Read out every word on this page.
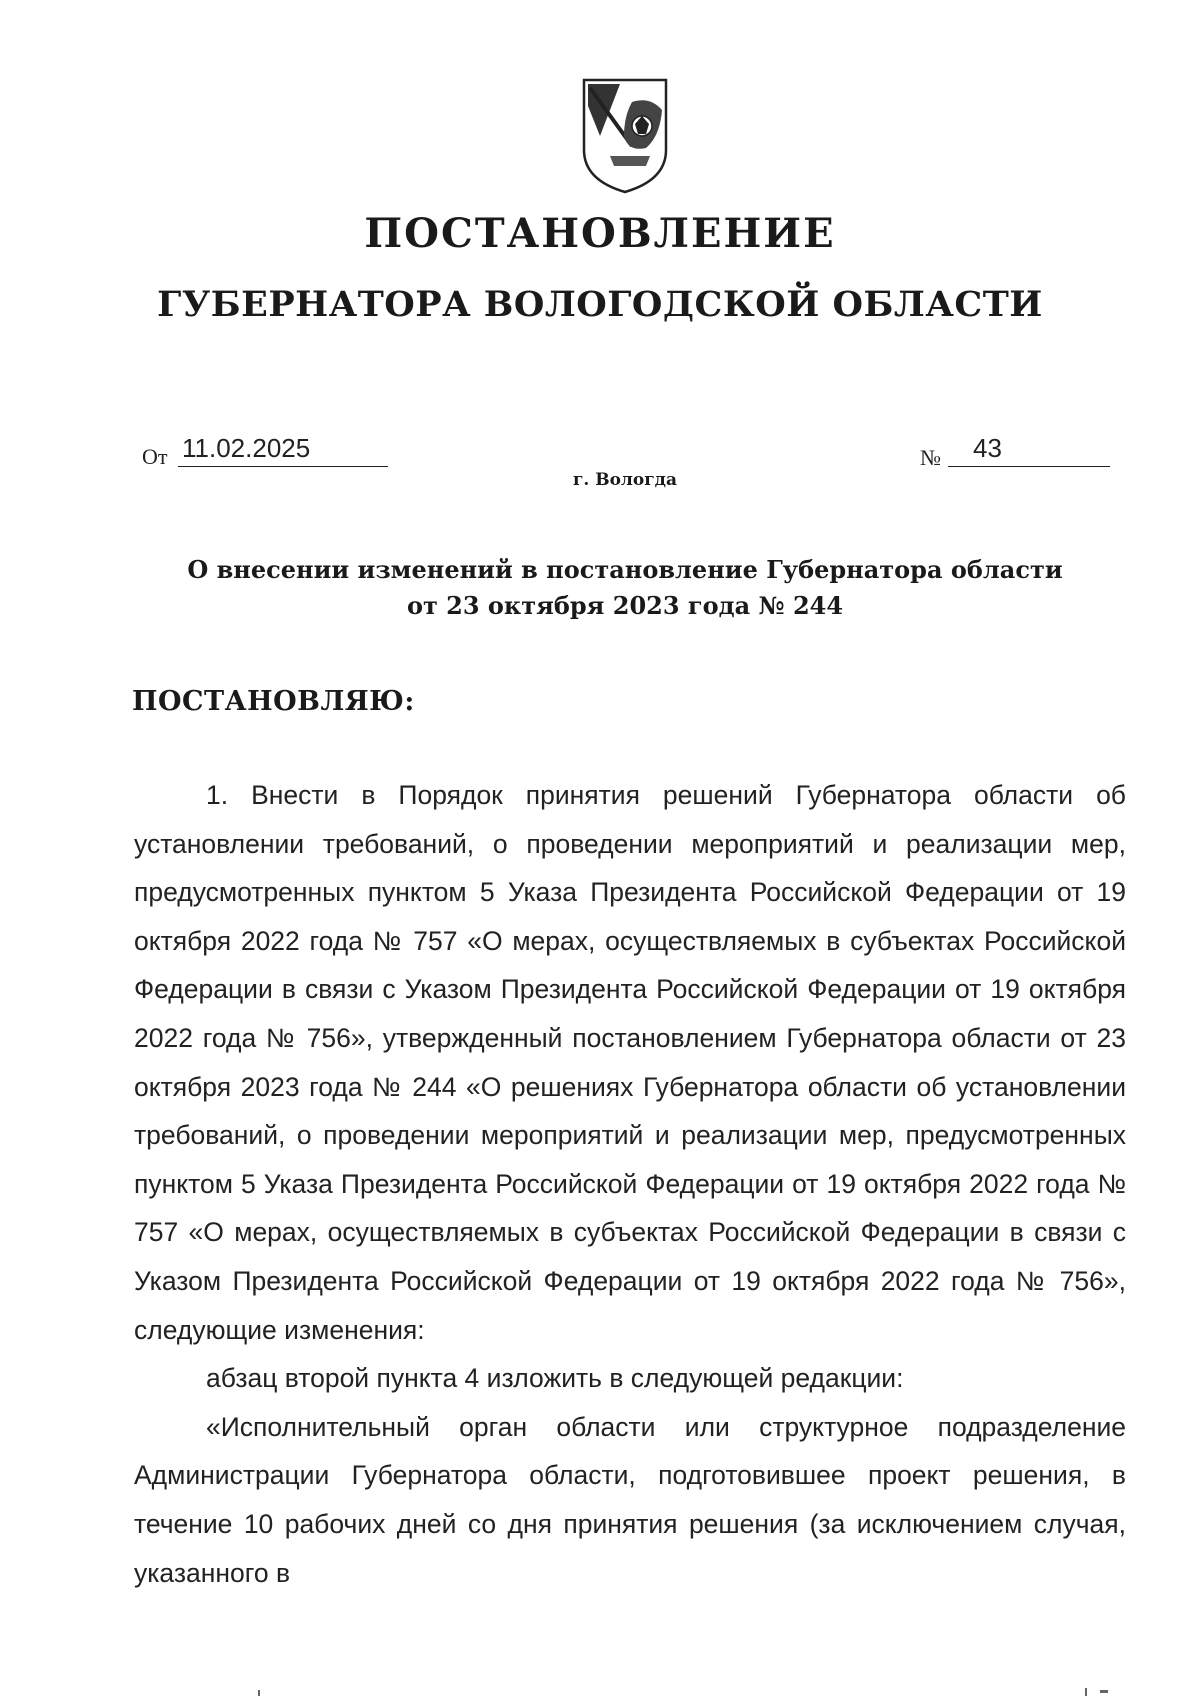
ПОСТАНОВЛЕНИЕ
ГУБЕРНАТОРА ВОЛОГОДСКОЙ ОБЛАСТИ
От 11.02.2025	№	43
г. Вологда
О внесении изменений в постановление Губернатора области
от 23 октября 2023 года № 244
ПОСТАНОВЛЯЮ:

1. Внести в Порядок принятия решений Губернатора области об установлении требований, о проведении мероприятий и реализации мер, предусмотренных пунктом 5 Указа Президента Российской Федерации от 19 октября 2022 года № 757 «О мерах, осуществляемых в субъектах Российской Федерации в связи с Указом Президента Российской Федерации от 19 октября 2022 года № 756», утвержденный постановлением Губернатора области от 23 октября 2023 года № 244 «О решениях Губернатора области об установлении требований, о проведении мероприятий и реализации мер, предусмотренных пунктом 5 Указа Президента Российской Федерации от 19 октября 2022 года № 757 «О мерах, осуществляемых в субъектах Российской Федерации в связи с Указом Президента Российской Федерации от 19 октября 2022 года № 756», следующие изменения:

абзац второй пункта 4 изложить в следующей редакции:

«Исполнительный орган области или структурное подразделение Администрации Губернатора области, подготовившее проект решения, в течение 10 рабочих дней со дня принятия решения (за исключением случая, указанного в
